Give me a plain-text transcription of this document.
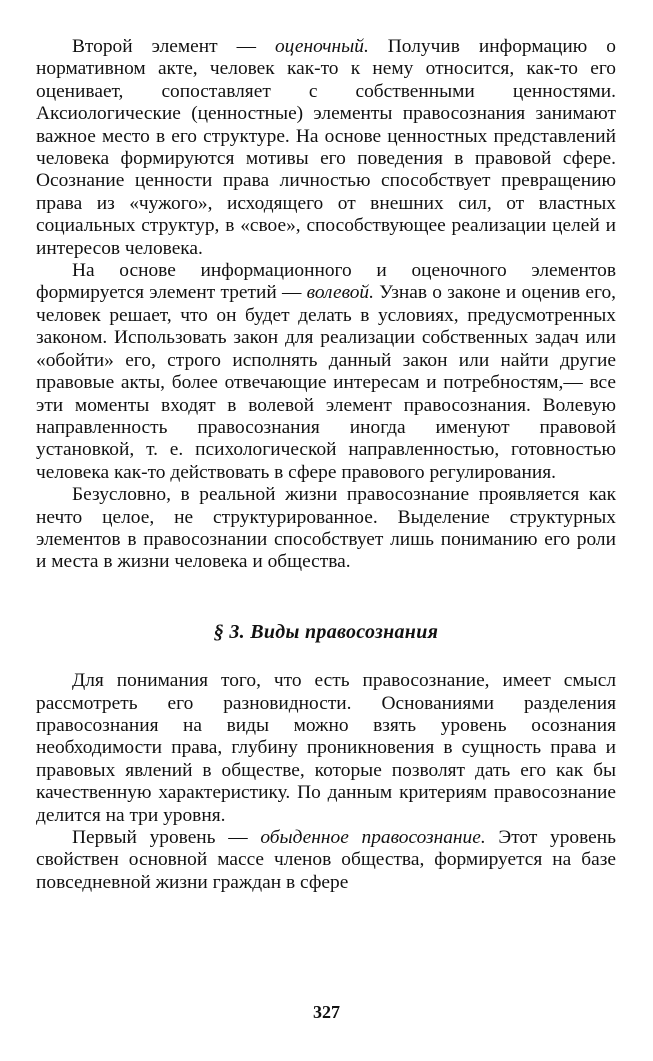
Второй элемент — оценочный. Получив информацию о нормативном акте, человек как-то к нему относится, как-то его оценивает, сопоставляет с собственными ценностями. Аксиологические (ценностные) элементы правосознания занимают важное место в его структуре. На основе ценностных представлений человека формируются мотивы его поведения в правовой сфере. Осознание ценности права личностью способствует превращению права из «чужого», исходящего от внешних сил, от властных социальных структур, в «свое», способствующее реализации целей и интересов человека.

На основе информационного и оценочного элементов формируется элемент третий — волевой. Узнав о законе и оценив его, человек решает, что он будет делать в условиях, предусмотренных законом. Использовать закон для реализации собственных задач или «обойти» его, строго исполнять данный закон или найти другие правовые акты, более отвечающие интересам и потребностям,— все эти моменты входят в волевой элемент правосознания. Волевую направленность правосознания иногда именуют правовой установкой, т. е. психологической направленностью, готовностью человека как-то действовать в сфере правового регулирования.

Безусловно, в реальной жизни правосознание проявляется как нечто целое, не структурированное. Выделение структурных элементов в правосознании способствует лишь пониманию его роли и места в жизни человека и общества.

§ 3. Виды правосознания

Для понимания того, что есть правосознание, имеет смысл рассмотреть его разновидности. Основаниями разделения правосознания на виды можно взять уровень осознания необходимости права, глубину проникновения в сущность права и правовых явлений в обществе, которые позволят дать его как бы качественную характеристику. По данным критериям правосознание делится на три уровня.

Первый уровень — обыденное правосознание. Этот уровень свойствен основной массе членов общества, формируется на базе повседневной жизни граждан в сфере

327
